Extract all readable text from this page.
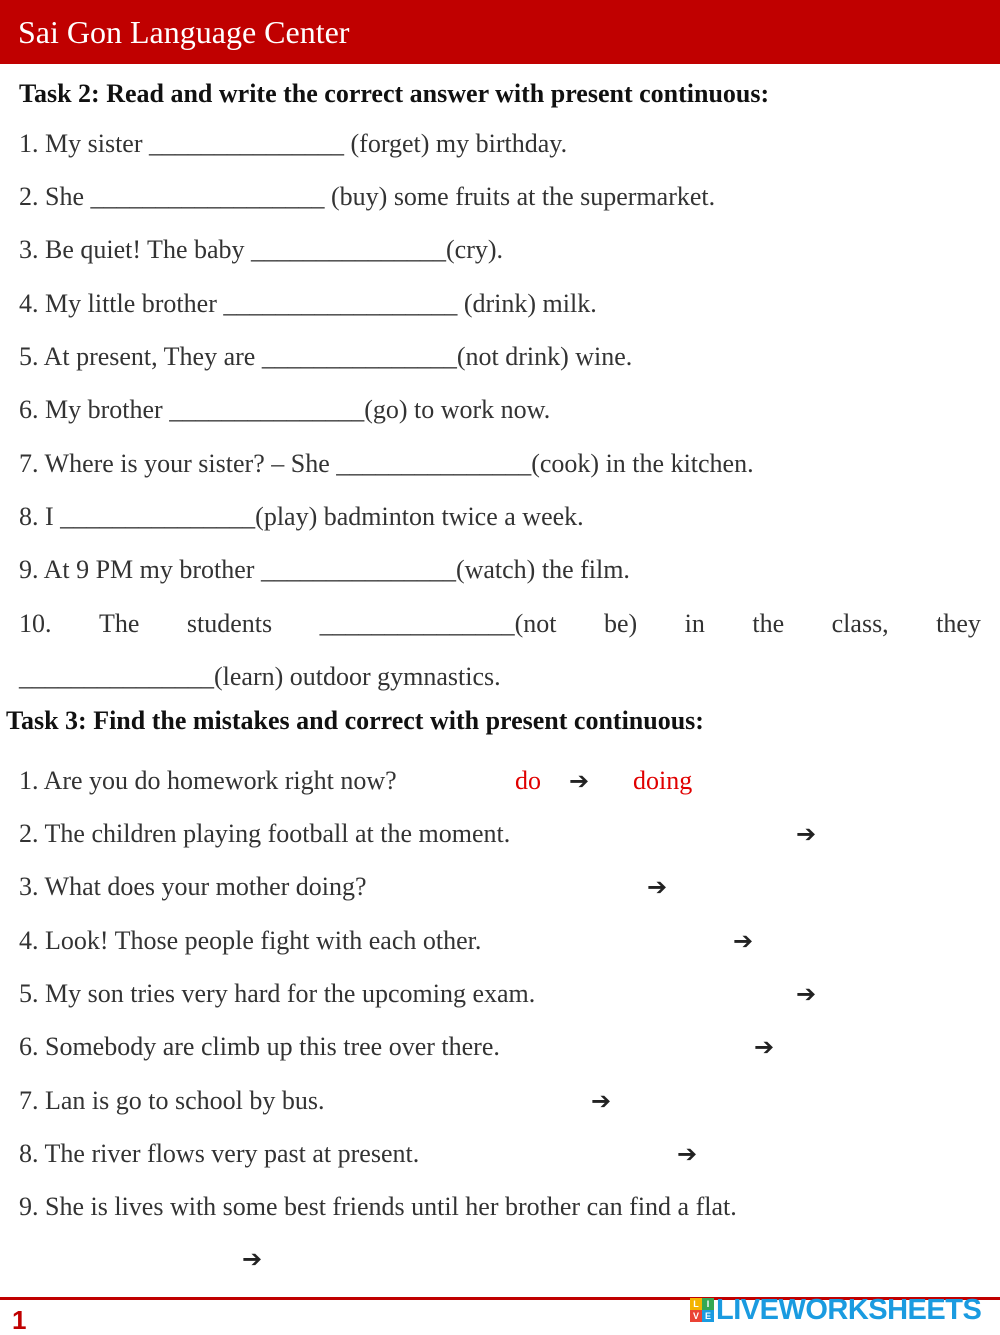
Sai Gon Language Center
Task 2: Read and write the correct answer with present continuous:
1. My sister _______________ (forget) my birthday.
2. She __________________ (buy) some fruits at the supermarket.
3. Be quiet! The baby _______________(cry).
4. My little brother __________________ (drink) milk.
5. At present, They are _______________(not drink) wine.
6. My brother _______________(go) to work now.
7. Where is your sister? – She _______________(cook) in the kitchen.
8. I _______________(play) badminton twice a week.
9. At 9 PM my brother _______________(watch) the film.
10. The students _______________(not be) in the class, they
_______________(learn) outdoor gymnastics.
Task 3: Find the mistakes and correct with present continuous:
1. Are you do homework right now?	do ➔ doing
2. The children playing football at the moment.	➔
3. What does your mother doing?	➔
4. Look! Those people fight with each other.	➔
5. My son tries very hard for the upcoming exam.	➔
6. Somebody are climb up this tree over there.	➔
7. Lan is go to school by bus.	➔
8. The river flows very past at present.	➔
9. She is lives with some best friends until her brother can find a flat.
➔
1
L I
V E LIVEWORKSHEETS
